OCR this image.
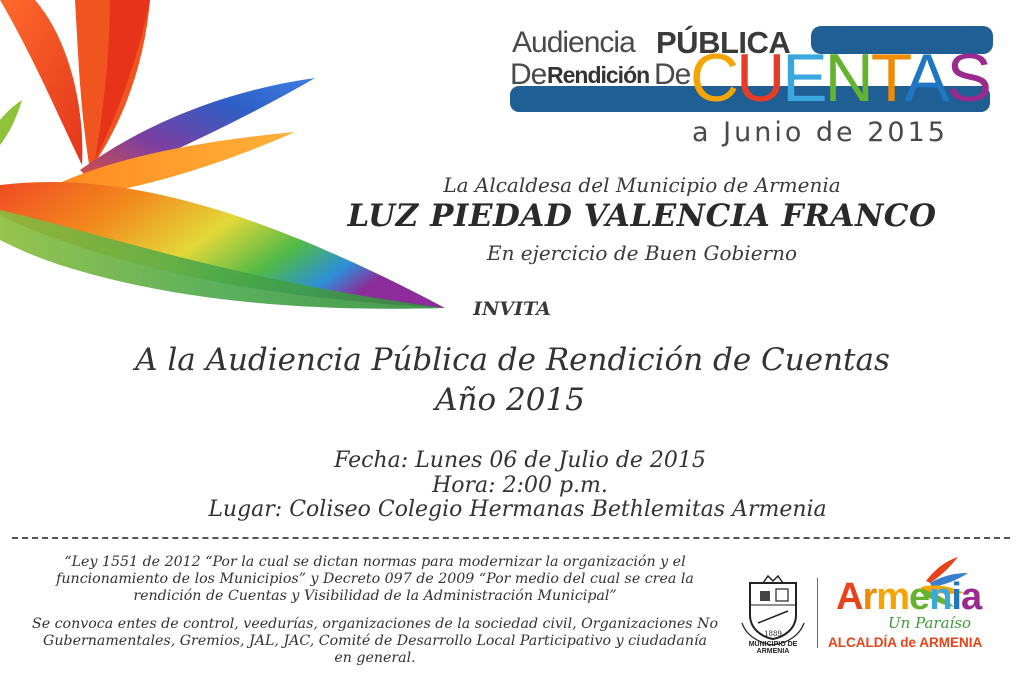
Audiencia PÚBLICA
De Rendición De CUENTAS
a Junio de 2015
La Alcaldesa del Municipio de Armenia
LUZ PIEDAD VALENCIA FRANCO
En ejercicio de Buen Gobierno
INVITA
A la Audiencia Pública de Rendición de Cuentas
Año 2015
Fecha: Lunes 06 de Julio de 2015
Hora: 2:00 p.m.
Lugar: Coliseo Colegio Hermanas Bethlemitas Armenia
“Ley 1551 de 2012 “Por la cual se dictan normas para modernizar la organización y el
funcionamiento de los Municipios” y Decreto 097 de 2009 “Por medio del cual se crea la
rendición de Cuentas y Visibilidad de la Administración Municipal”
Se convoca entes de control, veedurías, organizaciones de la sociedad civil, Organizaciones No
Gubernamentales, Gremios, JAL, JAC, Comité de Desarrollo Local Participativo y ciudadanía
en general.
1889
MUNICIPIO DE ARMENIA
Armenia
Un Paraíso
ALCALDÍA de ARMENIA
